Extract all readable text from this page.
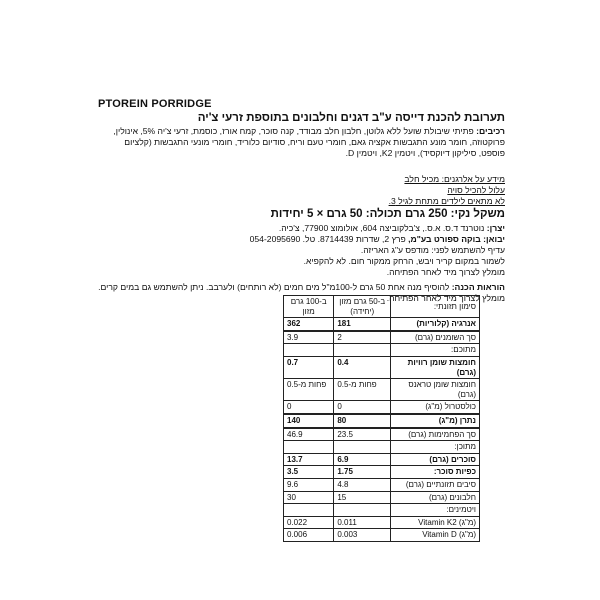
PTOREIN PORRIDGE
תערובת להכנת דייסה ע"ב דגנים וחלבונים בתוספת זרעי צ'יה

רכיבים: פתיתי שיבולת שועל ללא גלוטן, חלבון חלב מבודד, קנה סוכר, קמח אורז, כוסמת, זרעי צ'יה 5%, אינולין, פרוקטוזה, חומר מונע התגבשות אקציה גאם, חומרי טעם וריח, סודיום כלוריד, חומרי מונעי התגבשות (קלציום פוספט, סיליקון דיוקסיד), ויטמין K2, ויטמין D.

מידע על אלרגנים: מכיל חלב
עלול להכיל סויה
לא מתאים לילדים מתחת לגיל 3.
משקל נקי: 250 גרם תכולה: 50 גרם × 5 יחידות

יצרן: נוטרנד ד.ס. א.ס., צ'בלקוביצה 604, אולומוצ 77900, צ'כיה.

יבואן: בוקה ספורט בע"מ, פרץ 2, שדרות 8714439. טל. 054-2095690

עדיף להשתמש לפני: מודפס ע"ג האריזה.

לשמור במקום קריר ויבש, הרחק ממקור חום. לא להקפיא.

מומלץ לצרוך מיד לאחר הפתיחה.

הוראות הכנה: להוסיף מנה אחת 50 גרם ל-100מ"ל מים חמים (לא רותחים) ולערבב. ניתן להשתמש גם במים קרים.

מומלץ לצרוך מיד לאחר הפתיחה.

סימון תזונתי:	ב-50 גרם מזון (יחידה)	ב-100 גרם מזון
אנרגיה (קלוריות)	181	362
סך השומנים (גרם)	2	3.9
מתוכם:		
חומצות שומן רוויות (גרם)	0.4	0.7
חומצות שומן טראנס (גרם)	פחות מ-0.5	פחות מ-0.5
כולסטרול (מ"ג)	0	0
נתרן (מ"ג)	80	140
סך הפחמימות (גרם)	23.5	46.9
מתוכן:		
סוכרים (גרם)	6.9	13.7
כפיות סוכר:	1.75	3.5
סיבים תזונתיים (גרם)	4.8	9.6
חלבונים (גרם)	15	30
ויטמינים:		
Vitamin K2 (מ"ג)	0.011	0.022
Vitamin D (מ"ג)	0.003	0.006
